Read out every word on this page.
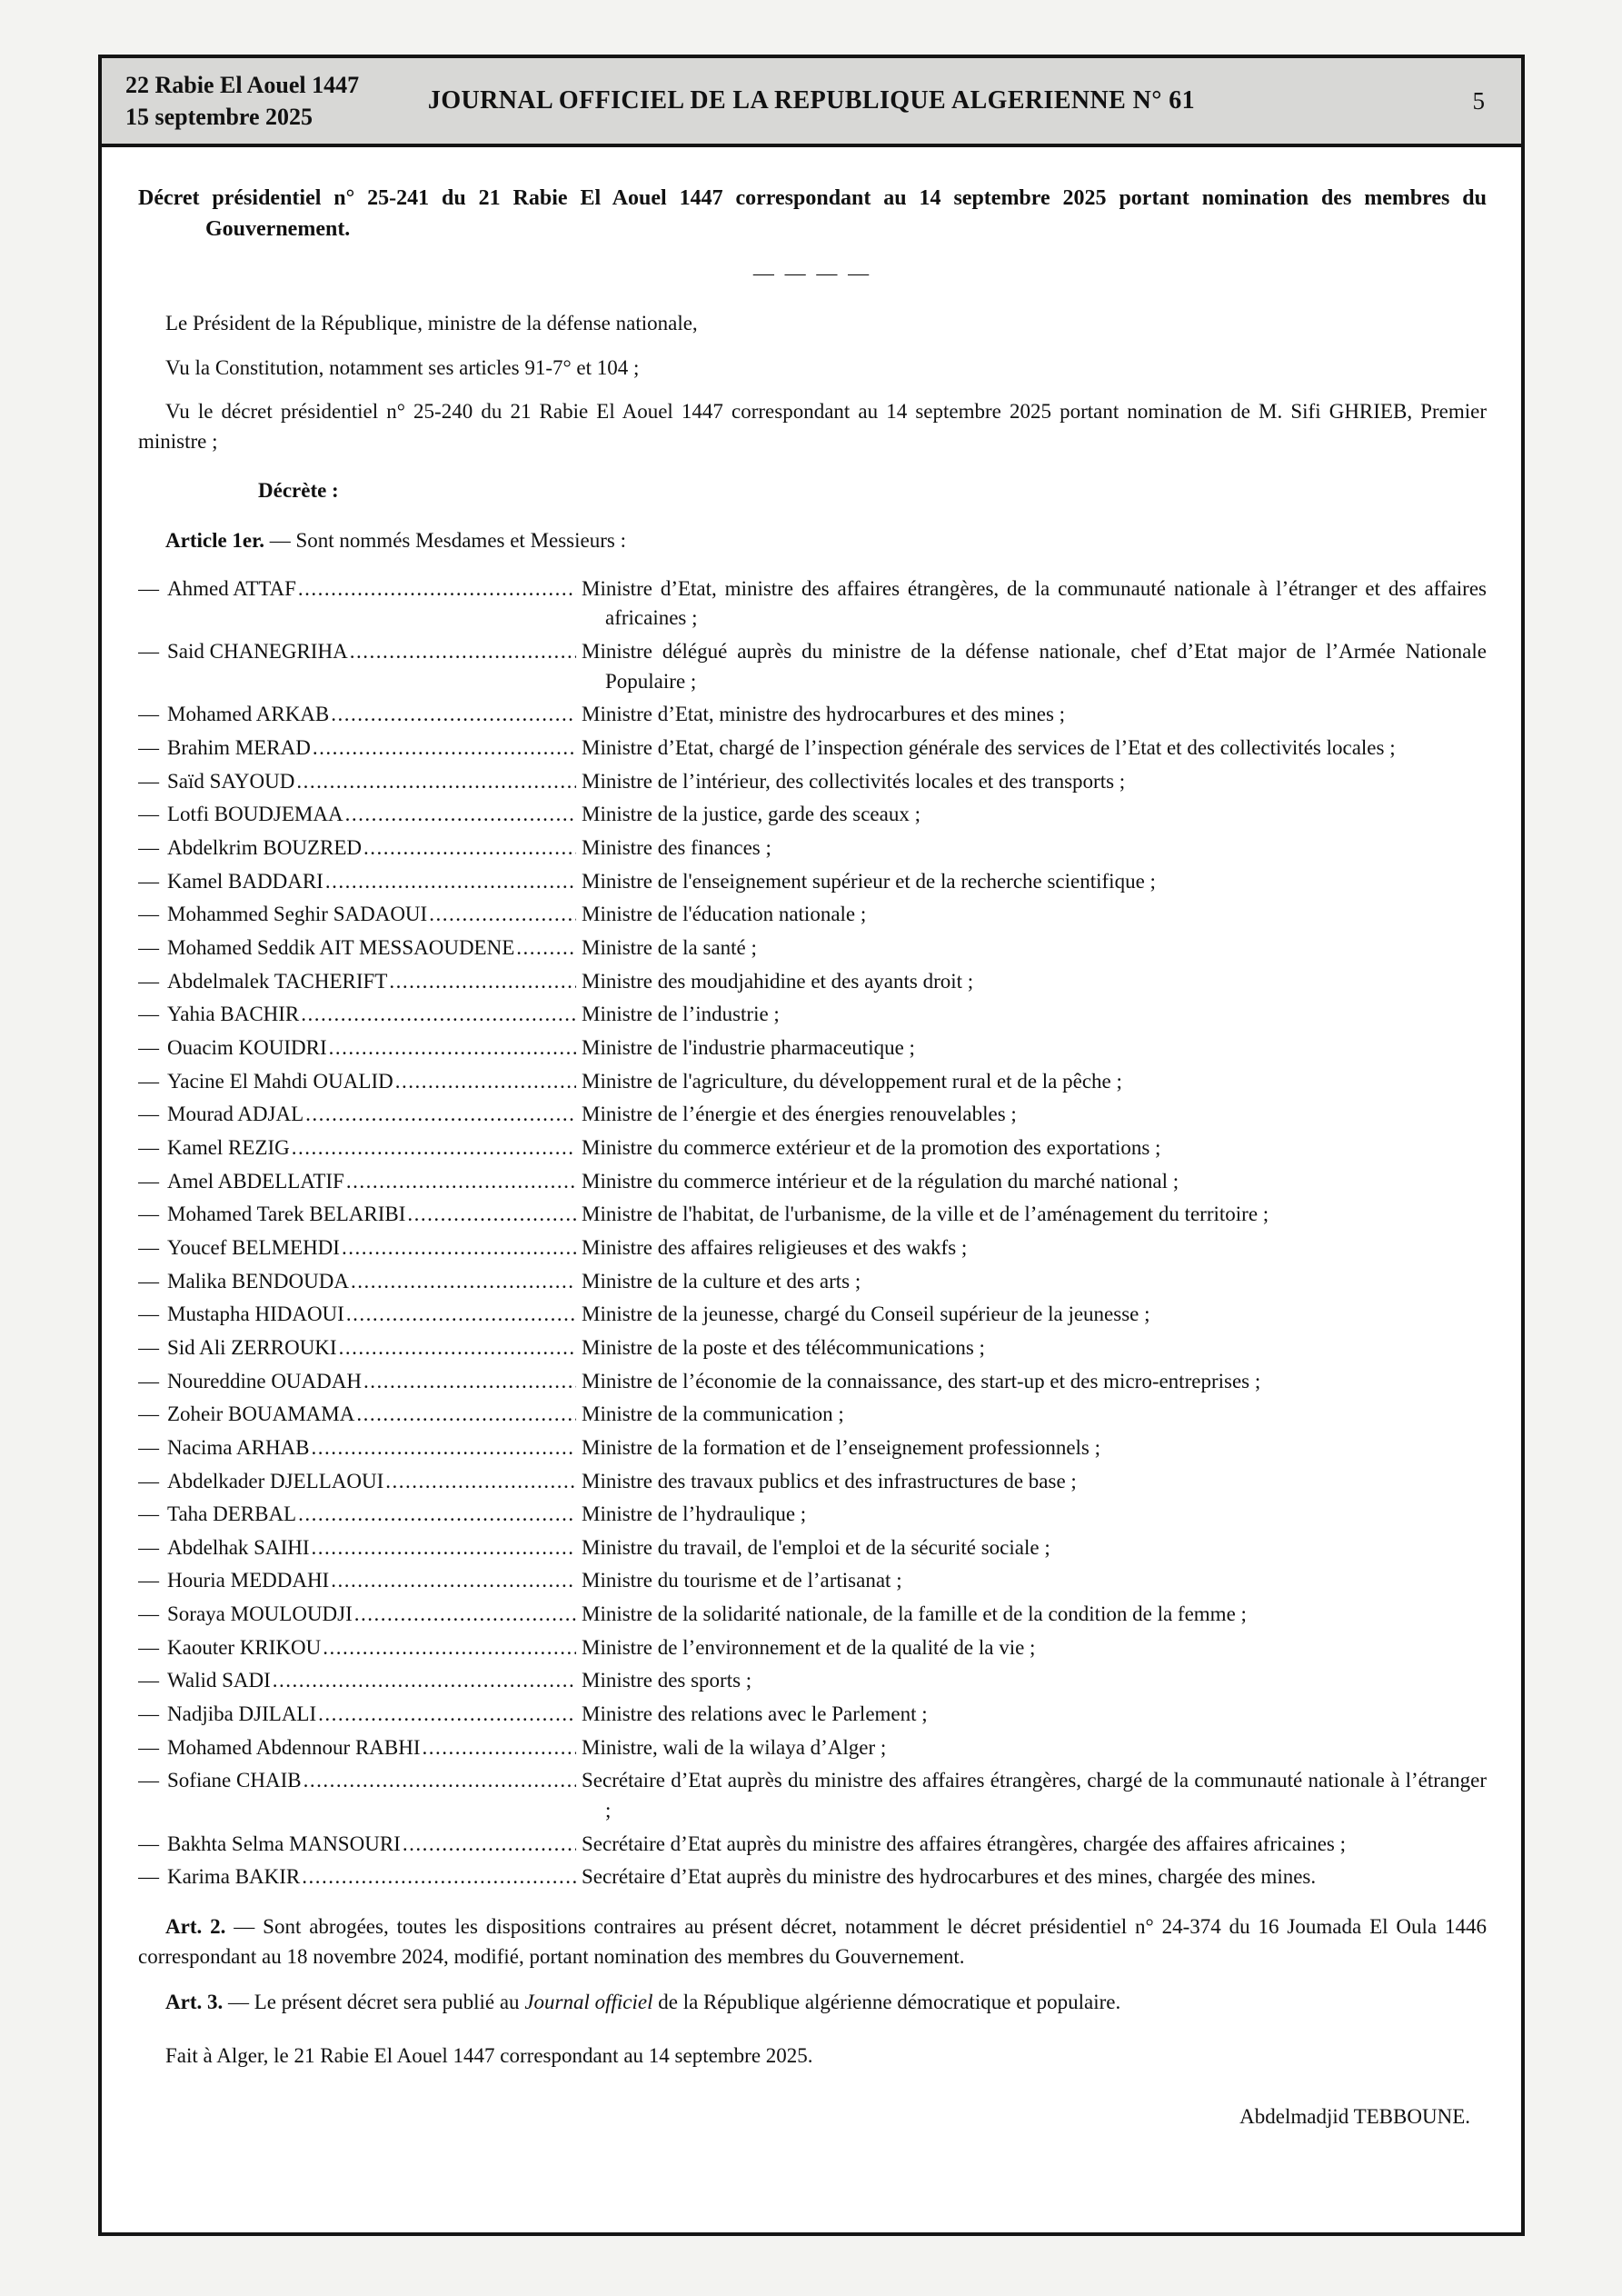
22 Rabie El Aouel 1447
15 septembre 2025
JOURNAL OFFICIEL DE LA REPUBLIQUE ALGERIENNE N° 61	5

Décret présidentiel n° 25-241 du 21 Rabie El Aouel 1447 correspondant au 14 septembre 2025 portant nomination des membres du Gouvernement.

— — — —

Le Président de la République, ministre de la défense nationale,

Vu la Constitution, notamment ses articles 91-7° et 104 ;

Vu le décret présidentiel n° 25-240 du 21 Rabie El Aouel 1447 correspondant au 14 septembre 2025 portant nomination de M. Sifi GHRIEB, Premier ministre ;

Décrète :

Article 1er. — Sont nommés Mesdames et Messieurs :

— Ahmed ATTAF .....	Ministre d’Etat, ministre des affaires étrangères, de la communauté nationale à l’étranger et des affaires africaines ;
— Said CHANEGRIHA .....	Ministre délégué auprès du ministre de la défense nationale, chef d’Etat major de l’Armée Nationale Populaire ;
— Mohamed ARKAB .....	Ministre d’Etat, ministre des hydrocarbures et des mines ;
— Brahim MERAD .....	Ministre d’Etat, chargé de l’inspection générale des services de l’Etat et des collectivités locales ;
— Saïd SAYOUD .....	Ministre de l’intérieur, des collectivités locales et des transports ;
— Lotfi BOUDJEMAA .....	Ministre de la justice, garde des sceaux ;
— Abdelkrim BOUZRED .....	Ministre des finances ;
— Kamel BADDARI .....	Ministre de l'enseignement supérieur et de la recherche scientifique ;
— Mohammed Seghir SADAOUI .....	Ministre de l'éducation nationale ;
— Mohamed Seddik AIT MESSAOUDENE .....	Ministre de la santé ;
— Abdelmalek TACHERIFT .....	Ministre des moudjahidine et des ayants droit ;
— Yahia BACHIR .....	Ministre de l’industrie ;
— Ouacim KOUIDRI .....	Ministre de l'industrie pharmaceutique ;
— Yacine El Mahdi OUALID .....	Ministre de l'agriculture, du développement rural et de la pêche ;
— Mourad ADJAL .....	Ministre de l’énergie et des énergies renouvelables ;
— Kamel REZIG .....	Ministre du commerce extérieur et de la promotion des exportations ;
— Amel ABDELLATIF .....	Ministre du commerce intérieur et de la régulation du marché national ;
— Mohamed Tarek BELARIBI .....	Ministre de l'habitat, de l'urbanisme, de la ville et de l’aménagement du territoire ;
— Youcef BELMEHDI .....	Ministre des affaires religieuses et des wakfs ;
— Malika BENDOUDA .....	Ministre de la culture et des arts ;
— Mustapha HIDAOUI .....	Ministre de la jeunesse, chargé du Conseil supérieur de la jeunesse ;
— Sid Ali ZERROUKI .....	Ministre de la poste et des télécommunications ;
— Noureddine OUADAH .....	Ministre de l’économie de la connaissance, des start-up et des micro-entreprises ;
— Zoheir BOUAMAMA .....	Ministre de la communication ;
— Nacima ARHAB .....	Ministre de la formation et de l’enseignement professionnels ;
— Abdelkader DJELLAOUI .....	Ministre des travaux publics et des infrastructures de base ;
— Taha DERBAL .....	Ministre de l’hydraulique ;
— Abdelhak SAIHI .....	Ministre du travail, de l'emploi et de la sécurité sociale ;
— Houria MEDDAHI .....	Ministre du tourisme et de l’artisanat ;
— Soraya MOULOUDJI .....	Ministre de la solidarité nationale, de la famille et de la condition de la femme ;
— Kaouter KRIKOU .....	Ministre de l’environnement et de la qualité de la vie ;
— Walid SADI .....	Ministre des sports ;
— Nadjiba DJILALI .....	Ministre des relations avec le Parlement ;
— Mohamed Abdennour RABHI .....	Ministre, wali de la wilaya d’Alger ;
— Sofiane CHAIB .....	Secrétaire d’Etat auprès du ministre des affaires étrangères, chargé de la communauté nationale à l’étranger ;
— Bakhta Selma MANSOURI .....	Secrétaire d’Etat auprès du ministre des affaires étrangères, chargée des affaires africaines ;
— Karima BAKIR .....	Secrétaire d’Etat auprès du ministre des hydrocarbures et des mines, chargée des mines.

Art. 2. — Sont abrogées, toutes les dispositions contraires au présent décret, notamment le décret présidentiel n° 24-374 du 16 Joumada El Oula 1446 correspondant au 18 novembre 2024, modifié, portant nomination des membres du Gouvernement.

Art. 3. — Le présent décret sera publié au Journal officiel de la République algérienne démocratique et populaire.

Fait à Alger, le 21 Rabie El Aouel 1447 correspondant au 14 septembre 2025.

Abdelmadjid TEBBOUNE.
